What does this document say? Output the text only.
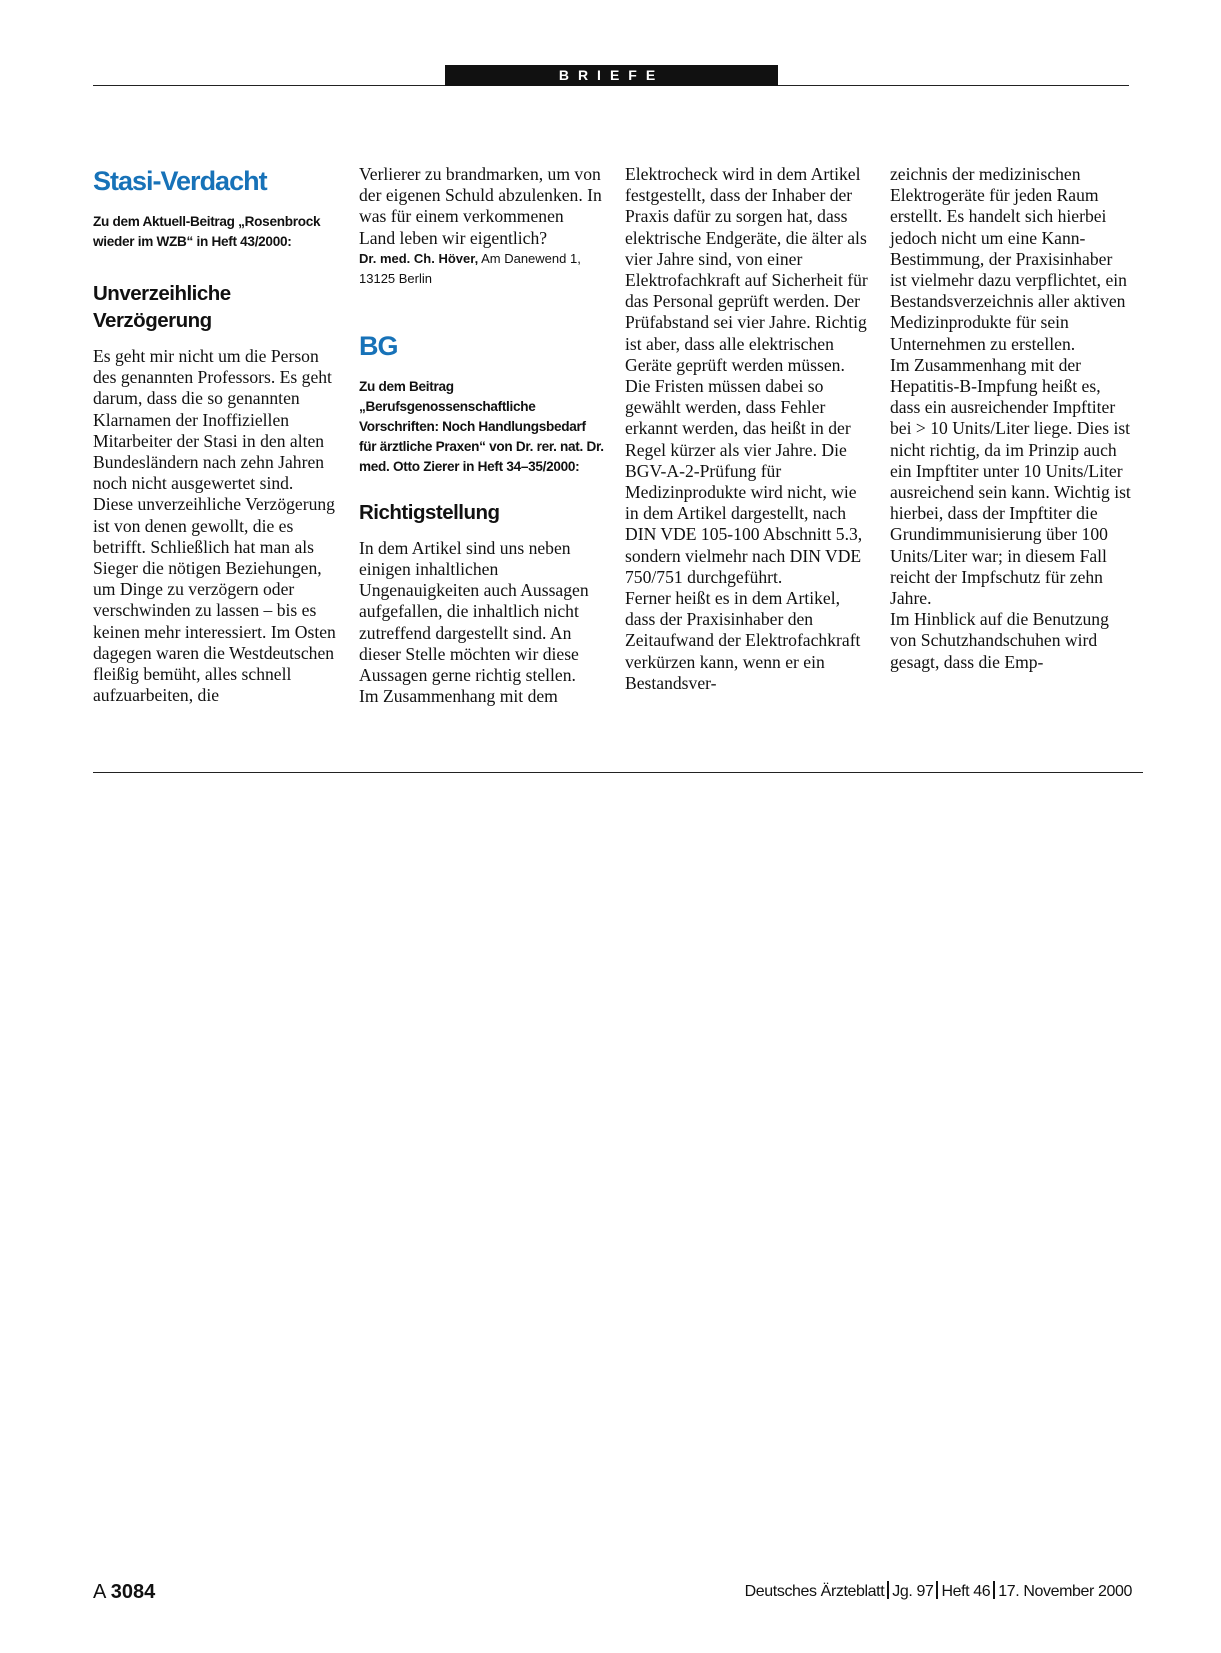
BRIEFE
Stasi-Verdacht

Zu dem Aktuell-Beitrag „Rosenbrock wieder im WZB“ in Heft 43/2000:

Unverzeihliche Verzögerung

Es geht mir nicht um die Person des genannten Professors. Es geht darum, dass die so genannten Klarnamen der Inoffiziellen Mitarbeiter der Stasi in den alten Bundesländern nach zehn Jahren noch nicht ausgewertet sind.

Diese unverzeihliche Verzögerung ist von denen gewollt, die es betrifft. Schließlich hat man als Sieger die nötigen Beziehungen, um Dinge zu verzögern oder verschwinden zu lassen – bis es keinen mehr interessiert. Im Osten dagegen waren die Westdeutschen fleißig bemüht, alles schnell aufzuarbeiten, die

Verlierer zu brandmarken, um von der eigenen Schuld abzulenken. In was für einem verkommenen Land leben wir eigentlich?

Dr. med. Ch. Höver, Am Danewend 1, 13125 Berlin

BG

Zu dem Beitrag „Berufsgenossenschaftliche Vorschriften: Noch Handlungsbedarf für ärztliche Praxen“ von Dr. rer. nat. Dr. med. Otto Zierer in Heft 34–35/2000:

Richtigstellung

In dem Artikel sind uns neben einigen inhaltlichen Ungenauigkeiten auch Aussagen aufgefallen, die inhaltlich nicht zutreffend dargestellt sind. An dieser Stelle möchten wir diese Aussagen gerne richtig stellen.

Im Zusammenhang mit dem

Elektrocheck wird in dem Artikel festgestellt, dass der Inhaber der Praxis dafür zu sorgen hat, dass elektrische Endgeräte, die älter als vier Jahre sind, von einer Elektrofachkraft auf Sicherheit für das Personal geprüft werden. Der Prüfabstand sei vier Jahre. Richtig ist aber, dass alle elektrischen Geräte geprüft werden müssen. Die Fristen müssen dabei so gewählt werden, dass Fehler erkannt werden, das heißt in der Regel kürzer als vier Jahre. Die BGV-A-2-Prüfung für Medizinprodukte wird nicht, wie in dem Artikel dargestellt, nach DIN VDE 105-100 Abschnitt 5.3, sondern vielmehr nach DIN VDE 750/751 durchgeführt.

Ferner heißt es in dem Artikel, dass der Praxisinhaber den Zeitaufwand der Elektrofachkraft verkürzen kann, wenn er ein Bestandsver-

zeichnis der medizinischen Elektrogeräte für jeden Raum erstellt. Es handelt sich hierbei jedoch nicht um eine Kann-Bestimmung, der Praxisinhaber ist vielmehr dazu verpflichtet, ein Bestandsverzeichnis aller aktiven Medizinprodukte für sein Unternehmen zu erstellen.

Im Zusammenhang mit der Hepatitis-B-Impfung heißt es, dass ein ausreichender Impftiter bei > 10 Units/Liter liege. Dies ist nicht richtig, da im Prinzip auch ein Impftiter unter 10 Units/Liter ausreichend sein kann. Wichtig ist hierbei, dass der Impftiter die Grundimmunisierung über 100 Units/Liter war; in diesem Fall reicht der Impfschutz für zehn Jahre.

Im Hinblick auf die Benutzung von Schutzhandschuhen wird gesagt, dass die Emp-

A 3084	Deutsches Ärzteblatt Jg. 97 Heft 46 17. November 2000
